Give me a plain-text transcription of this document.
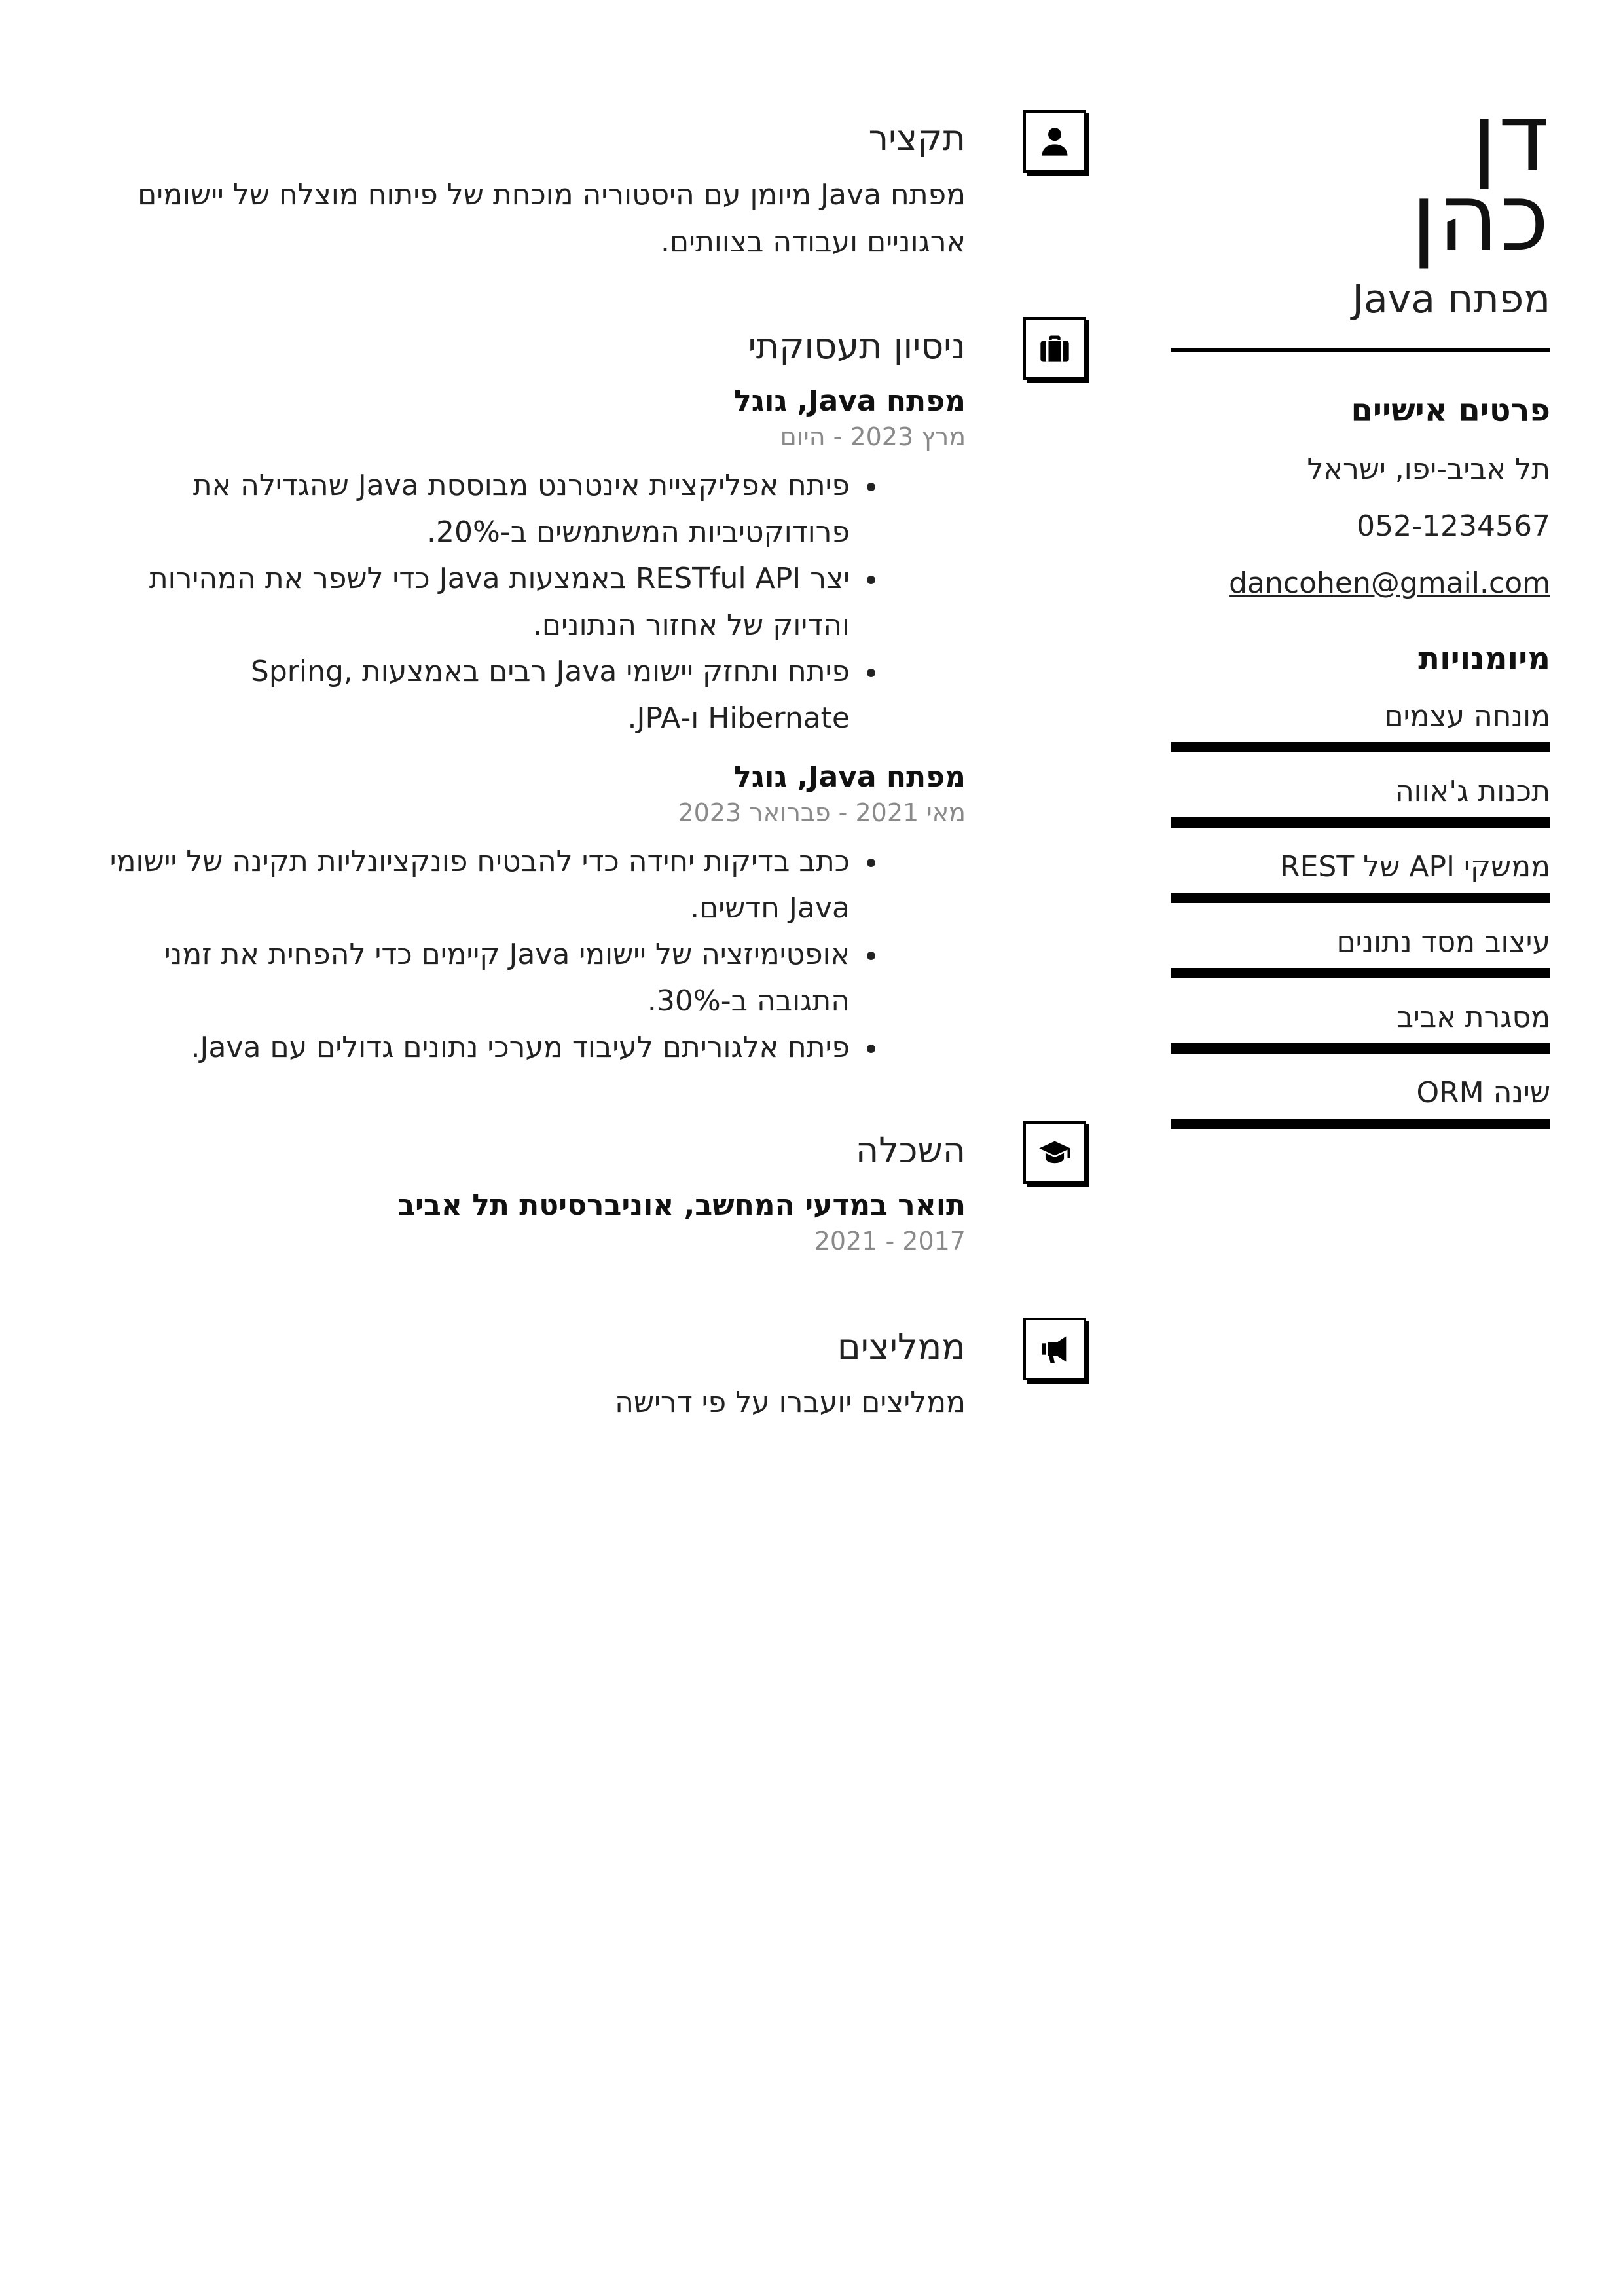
דן
כהן
מפתח Java
פרטים אישיים
תל אביב-יפו, ישראל
052-1234567
dancohen@gmail.com
מיומנויות
מונחה עצמים
תכנות ג'אווה
ממשקי API של REST
עיצוב מסד נתונים
מסגרת אביב
שינה ORM
תקציר
מפתח Java מיומן עם היסטוריה מוכחת של פיתוח מוצלח של יישומים ארגוניים ועבודה בצוותים.
ניסיון תעסוקתי
מפתח Java, גוגל
מרץ 2023 - היום
• פיתח אפליקציית אינטרנט מבוססת Java שהגדילה את פרודוקטיביות המשתמשים ב-20%.
• יצר RESTful API באמצעות Java כדי לשפר את המהירות והדיוק של אחזור הנתונים.
• פיתח ותחזק יישומי Java רבים באמצעות Spring, Hibernate ו-JPA.
מפתח Java, גוגל
מאי 2021 - פברואר 2023
• כתב בדיקות יחידה כדי להבטיח פונקציונליות תקינה של יישומי Java חדשים.
• אופטימיזציה של יישומי Java קיימים כדי להפחית את זמני התגובה ב-30%.
• פיתח אלגוריתם לעיבוד מערכי נתונים גדולים עם Java.
השכלה
תואר במדעי המחשב, אוניברסיטת תל אביב
2017 - 2021
ממליצים
ממליצים יועברו על פי דרישה
